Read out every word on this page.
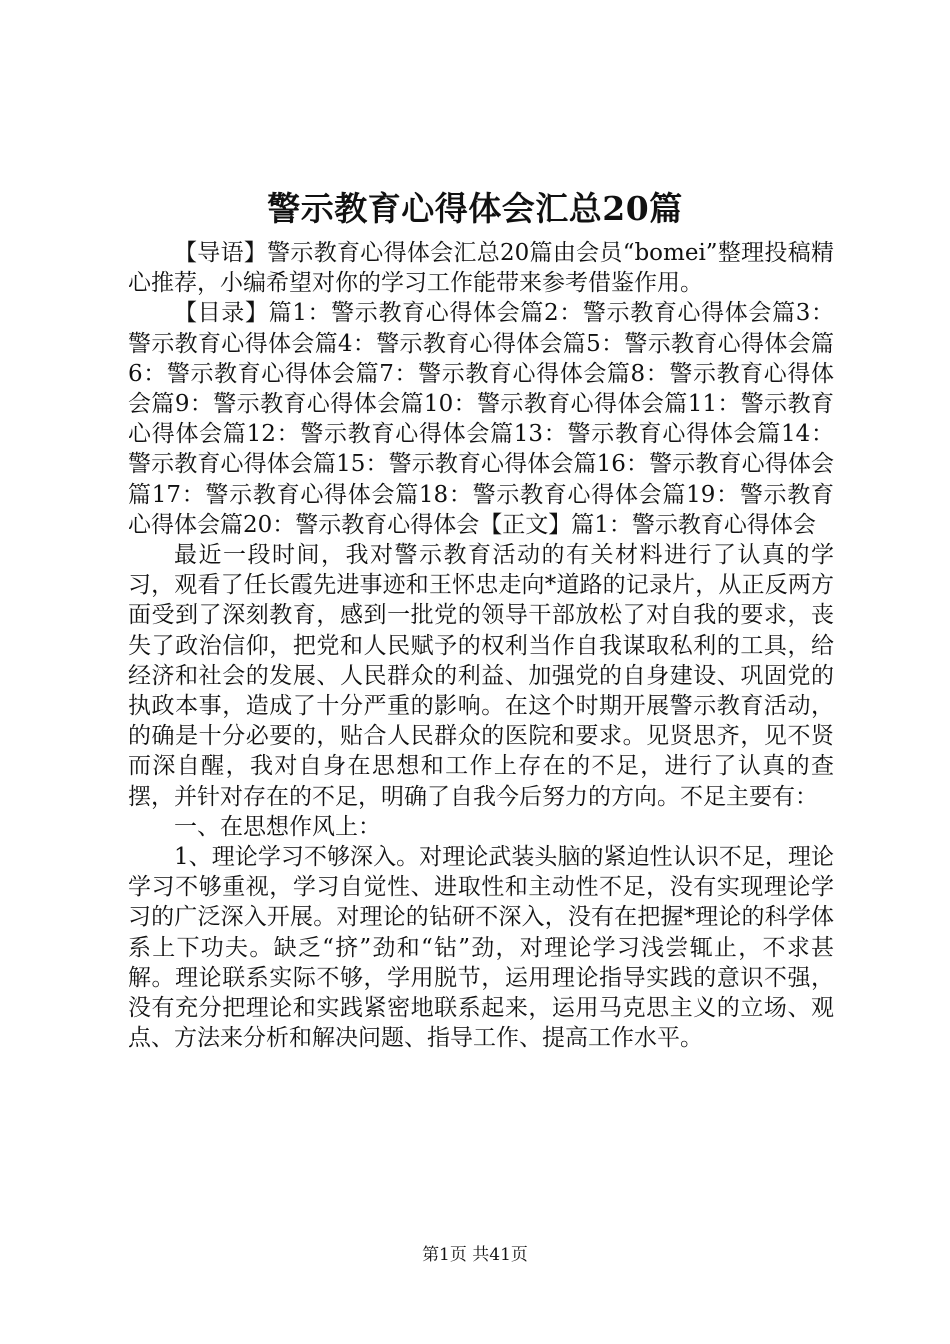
警示教育心得体会汇总20篇

【导语】警示教育心得体会汇总20篇由会员“bomei”整理投稿精心推荐，小编希望对你的学习工作能带来参考借鉴作用。

【目录】篇1：警示教育心得体会篇2：警示教育心得体会篇3：警示教育心得体会篇4：警示教育心得体会篇5：警示教育心得体会篇6：警示教育心得体会篇7：警示教育心得体会篇8：警示教育心得体会篇9：警示教育心得体会篇10：警示教育心得体会篇11：警示教育心得体会篇12：警示教育心得体会篇13：警示教育心得体会篇14：警示教育心得体会篇15：警示教育心得体会篇16：警示教育心得体会篇17：警示教育心得体会篇18：警示教育心得体会篇19：警示教育心得体会篇20：警示教育心得体会【正文】篇1：警示教育心得体会

最近一段时间，我对警示教育活动的有关材料进行了认真的学习，观看了任长霞先进事迹和王怀忠走向*道路的记录片，从正反两方面受到了深刻教育，感到一批党的领导干部放松了对自我的要求，丧失了政治信仰，把党和人民赋予的权利当作自我谋取私利的工具，给经济和社会的发展、人民群众的利益、加强党的自身建设、巩固党的执政本事，造成了十分严重的影响。在这个时期开展警示教育活动，的确是十分必要的，贴合人民群众的医院和要求。见贤思齐，见不贤而深自醒，我对自身在思想和工作上存在的不足，进行了认真的查摆，并针对存在的不足，明确了自我今后努力的方向。不足主要有：

一、在思想作风上：

1、理论学习不够深入。对理论武装头脑的紧迫性认识不足，理论学习不够重视，学习自觉性、进取性和主动性不足，没有实现理论学习的广泛深入开展。对理论的钻研不深入，没有在把握*理论的科学体系上下功夫。缺乏“挤”劲和“钻”劲，对理论学习浅尝辄止，不求甚解。理论联系实际不够，学用脱节，运用理论指导实践的意识不强，没有充分把理论和实践紧密地联系起来，运用马克思主义的立场、观点、方法来分析和解决问题、指导工作、提高工作水平。

第1页 共41页
